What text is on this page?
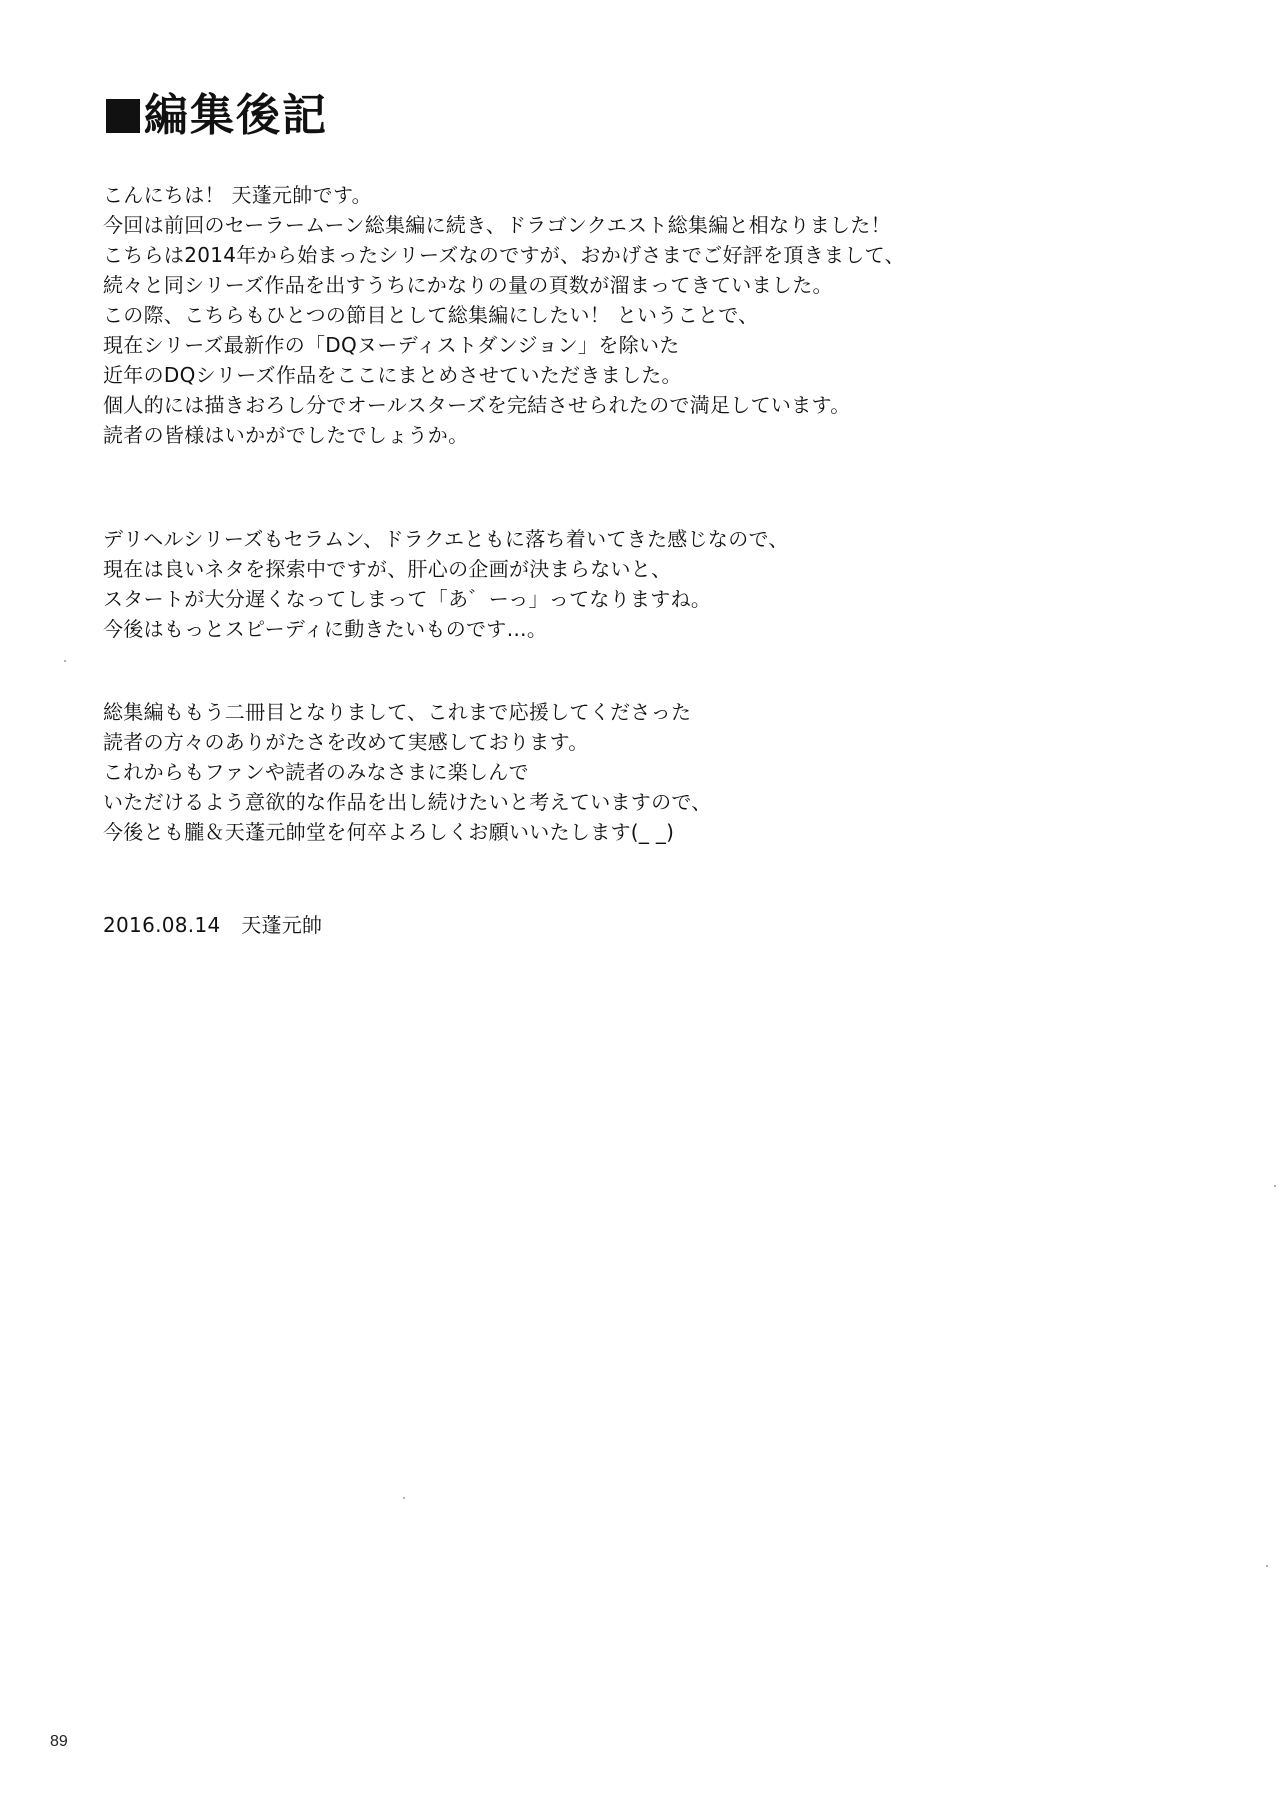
編集後記
こんにちは！ 天蓬元帥です。
今回は前回のセーラームーン総集編に続き、ドラゴンクエスト総集編と相なりました！
こちらは2014年から始まったシリーズなのですが、おかげさまでご好評を頂きまして、
続々と同シリーズ作品を出すうちにかなりの量の頁数が溜まってきていました。
この際、こちらもひとつの節目として総集編にしたい！ ということで、
現在シリーズ最新作の「DQヌーディストダンジョン」を除いた
近年のDQシリーズ作品をここにまとめさせていただきました。
個人的には描きおろし分でオールスターズを完結させられたので満足しています。
読者の皆様はいかがでしたでしょうか。
デリヘルシリーズもセラムン、ドラクエともに落ち着いてきた感じなので、
現在は良いネタを探索中ですが、肝心の企画が決まらないと、
スタートが大分遅くなってしまって「あ゛ーっ」ってなりますね。
今後はもっとスピーディに動きたいものです…。
総集編ももう二冊目となりまして、これまで応援してくださった
読者の方々のありがたさを改めて実感しております。
これからもファンや読者のみなさまに楽しんで
いただけるよう意欲的な作品を出し続けたいと考えていますので、
今後とも朧＆天蓬元帥堂を何卒よろしくお願いいたします(_ _)
2016.08.14 天蓬元帥
89
